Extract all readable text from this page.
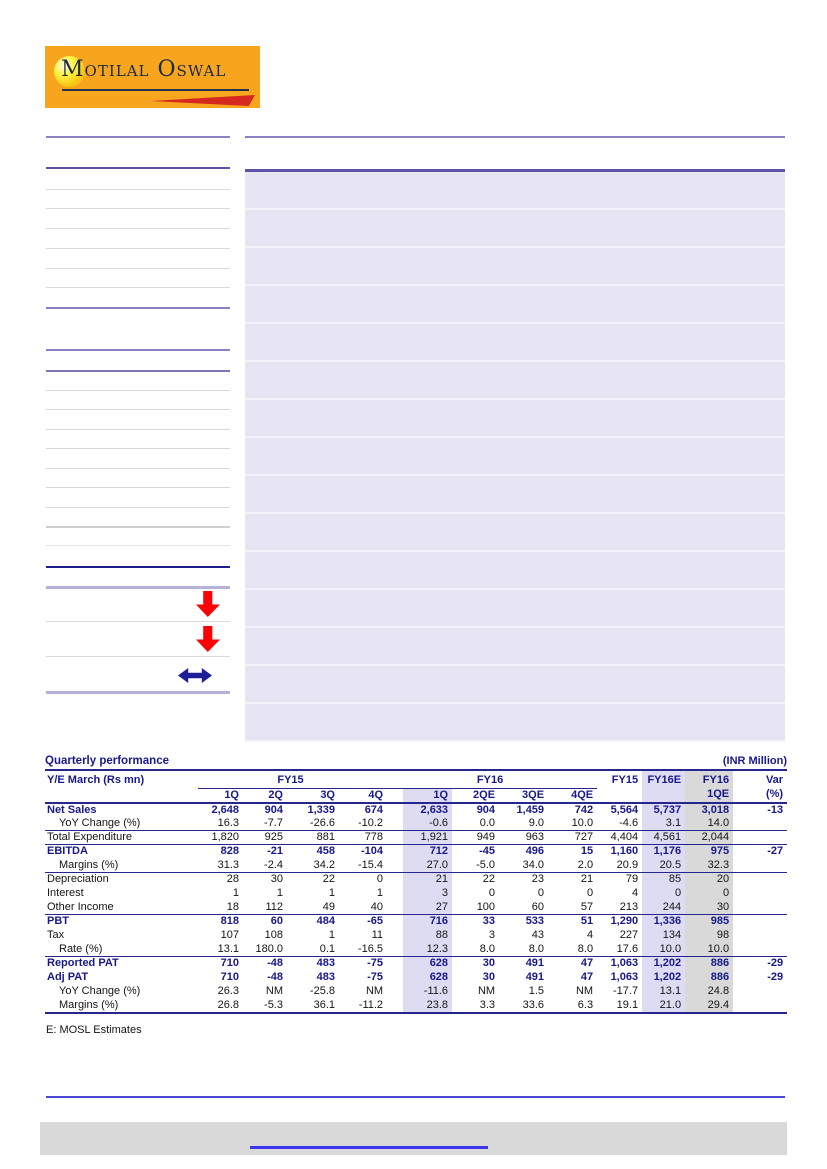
Motilal Oswal
Quarterly performance	(INR Million)
Y/E March (Rs mn)	FY15				FY16				FY15	FY16E	FY16	Var
	1Q	2Q	3Q	4Q	1Q	2QE	3QE	4QE			1QE	(%)
Net Sales	2,648	904	1,339	674	2,633	904	1,459	742	5,564	5,737	3,018	-13
YoY Change (%)	16.3	-7.7	-26.6	-10.2	-0.6	0.0	9.0	10.0	-4.6	3.1	14.0	
Total Expenditure	1,820	925	881	778	1,921	949	963	727	4,404	4,561	2,044	
EBITDA	828	-21	458	-104	712	-45	496	15	1,160	1,176	975	-27
Margins (%)	31.3	-2.4	34.2	-15.4	27.0	-5.0	34.0	2.0	20.9	20.5	32.3	
Depreciation	28	30	22	0	21	22	23	21	79	85	20	
Interest	1	1	1	1	3	0	0	0	4	0	0	
Other Income	18	112	49	40	27	100	60	57	213	244	30	
PBT	818	60	484	-65	716	33	533	51	1,290	1,336	985	
Tax	107	108	1	11	88	3	43	4	227	134	98	
Rate (%)	13.1	180.0	0.1	-16.5	12.3	8.0	8.0	8.0	17.6	10.0	10.0	
Reported PAT	710	-48	483	-75	628	30	491	47	1,063	1,202	886	-29
Adj PAT	710	-48	483	-75	628	30	491	47	1,063	1,202	886	-29
YoY Change (%)	26.3	NM	-25.8	NM	-11.6	NM	1.5	NM	-17.7	13.1	24.8	
Margins (%)	26.8	-5.3	36.1	-11.2	23.8	3.3	33.6	6.3	19.1	21.0	29.4	
E: MOSL Estimates
